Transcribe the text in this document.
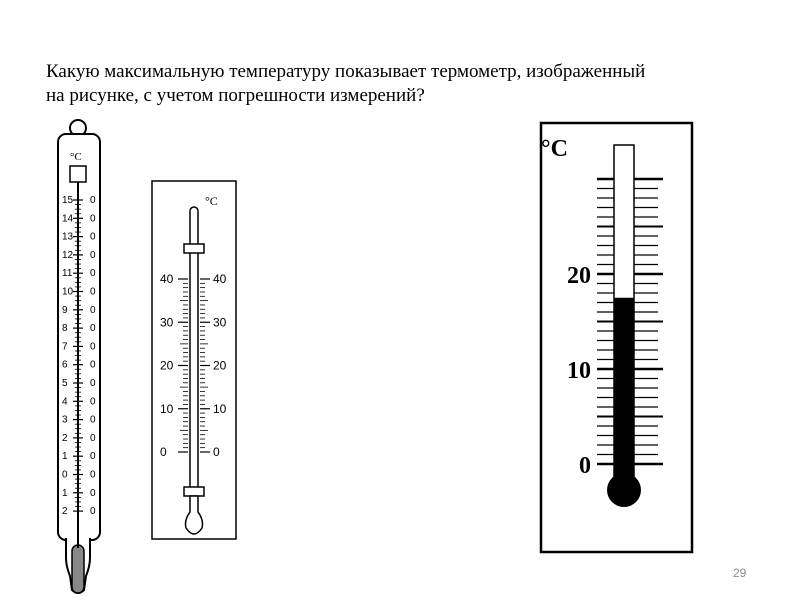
Какую максимальную температуру показывает термометр, изображенный
на рисунке, с учетом погрешности измерений?

°C
15 0
14 0
13 0
12 0
11 0
10 0
9 0
8 0
7 0
6 0
5 0
4 0
3 0
2 0
1 0
0 0
1 0
2 0
°C
40	40
30	30
20	20
10	10
0	0
°C
20
10
0
29
